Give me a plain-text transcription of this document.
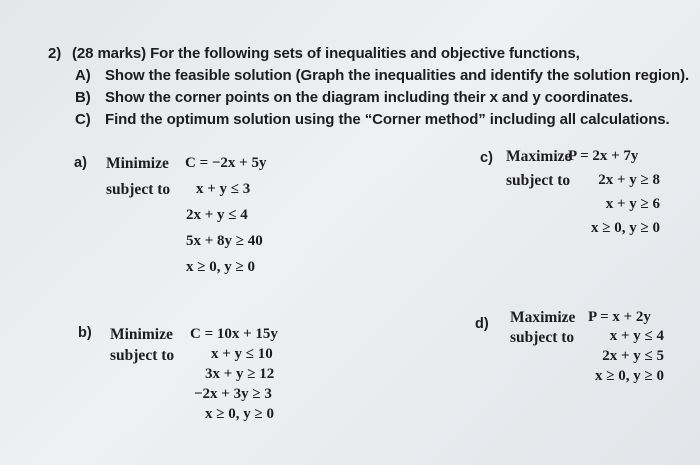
2) (28 marks) For the following sets of inequalities and objective functions,
A) Show the feasible solution (Graph the inequalities and identify the solution region).
B) Show the corner points on the diagram including their x and y coordinates.
C) Find the optimum solution using the “Corner method” including all calculations.
a) Minimize C = −2x + 5y
subject to x + y ≤ 3
2x + y ≤ 4
5x + 8y ≥ 40
x ≥ 0, y ≥ 0
c) Maximize
P = 2x + 7y
subject to	2x + y ≥ 8
x + y ≥ 6
x ≥ 0, y ≥ 0
b) Minimize C = 10x + 15y
subject to x + y ≤ 10
3x + y ≥ 12
−2x + 3y ≥ 3
x ≥ 0, y ≥ 0
d) Maximize P = x + 2y
subject to	x + y ≤ 4
2x + y ≤ 5
x ≥ 0, y ≥ 0
